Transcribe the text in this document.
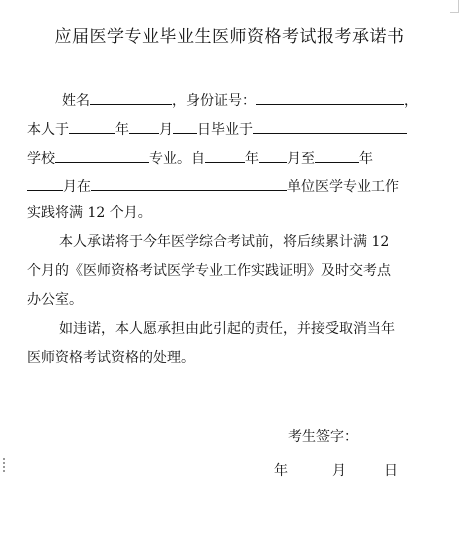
应届医学专业毕业生医师资格考试报考承诺书
姓名	，身份证号：	，
本人于	年 月 日毕业于
学校	专业。自	年 月至	年
月在	单位医学专业工作
实践将满 12 个月。
本人承诺将于今年医学综合考试前，将后续累计满 12
个月的《医师资格考试医学专业工作实践证明》及时交考点
办公室。
如违诺，本人愿承担由此引起的责任，并接受取消当年
医师资格考试资格的处理。
考生签字：
年	月	日
